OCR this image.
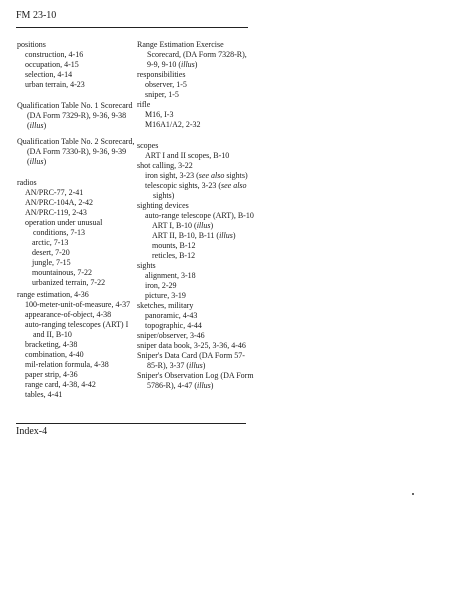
FM 23-10
positions
construction, 4-16
occupation, 4-15
selection, 4-14
urban terrain, 4-23
Qualification Table No. 1 Scorecard (DA Form 7329-R), 9-36, 9-38 (illus)
Qualification Table No. 2 Scorecard, (DA Form 7330-R), 9-36, 9-39 (illus)
radios
AN/PRC-77, 2-41
AN/PRC-104A, 2-42
AN/PRC-119, 2-43
operation under unusual conditions, 7-13
arctic, 7-13
desert, 7-20
jungle, 7-15
mountainous, 7-22
urbanized terrain, 7-22
range estimation, 4-36
100-meter-unit-of-measure, 4-37
appearance-of-object, 4-38
auto-ranging telescopes (ART) I and II, B-10
bracketing, 4-38
combination, 4-40
mil-relation formula, 4-38
paper strip, 4-36
range card, 4-38, 4-42
tables, 4-41
Range Estimation Exercise Scorecard, (DA Form 7328-R), 9-9, 9-10 (illus)
responsibilities
observer, 1-5
sniper, 1-5
rifle
M16, I-3
M16A1/A2, 2-32
scopes
ART I and II scopes, B-10
shot calling, 3-22
iron sight, 3-23 (see also sights)
telescopic sights, 3-23 (see also sights)
sighting devices
auto-range telescope (ART), B-10
ART I, B-10 (illus)
ART II, B-10, B-11 (illus)
mounts, B-12
reticles, B-12
sights
alignment, 3-18
iron, 2-29
picture, 3-19
sketches, military
panoramic, 4-43
topographic, 4-44
sniper/observer, 3-46
sniper data book, 3-25, 3-36, 4-46
Sniper's Data Card (DA Form 57-85-R), 3-37 (illus)
Sniper's Observation Log (DA Form 5786-R), 4-47 (illus)
Index-4
